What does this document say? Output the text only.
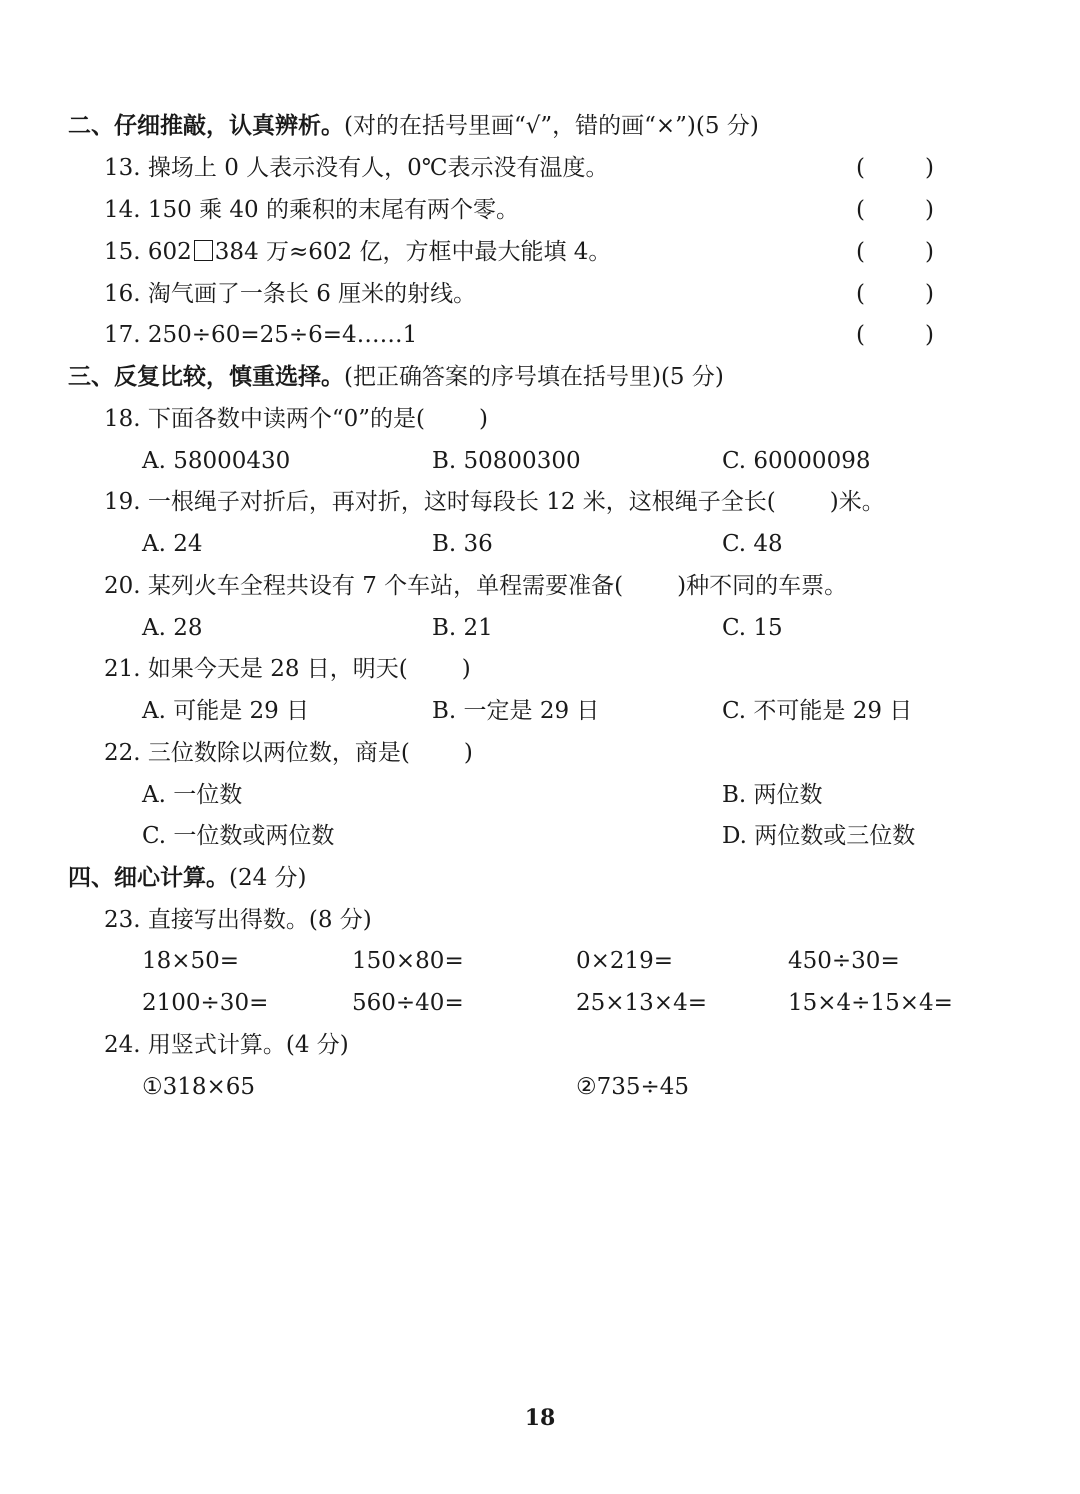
二、仔细推敲，认真辨析。(对的在括号里画“√”，错的画“×”)(5 分)
13. 操场上 0 人表示没有人，0℃表示没有温度。	(	)
14. 150 乘 40 的乘积的末尾有两个零。	(	)
15. 602 384 万≈602 亿，方框中最大能填 4。	(	)
16. 淘气画了一条长 6 厘米的射线。	(	)
17. 250÷60=25÷6=4……1	(	)
三、反复比较，慎重选择。(把正确答案的序号填在括号里)(5 分)
18. 下面各数中读两个“0”的是( )
A. 58000430	B. 50800300	C. 60000098
19. 一根绳子对折后，再对折，这时每段长 12 米，这根绳子全长( )米。
A. 24	B. 36	C. 48
20. 某列火车全程共设有 7 个车站，单程需要准备( )种不同的车票。
A. 28	B. 21	C. 15
21. 如果今天是 28 日，明天( )
A. 可能是 29 日	B. 一定是 29 日	C. 不可能是 29 日
22. 三位数除以两位数，商是( )
A. 一位数	B. 两位数
C. 一位数或两位数	D. 两位数或三位数
四、细心计算。(24 分)
23. 直接写出得数。(8 分)
18×50=	150×80=	0×219=	450÷30=
2100÷30=	560÷40=	25×13×4=	15×4÷15×4=
24. 用竖式计算。(4 分)
①318×65	②735÷45
18
